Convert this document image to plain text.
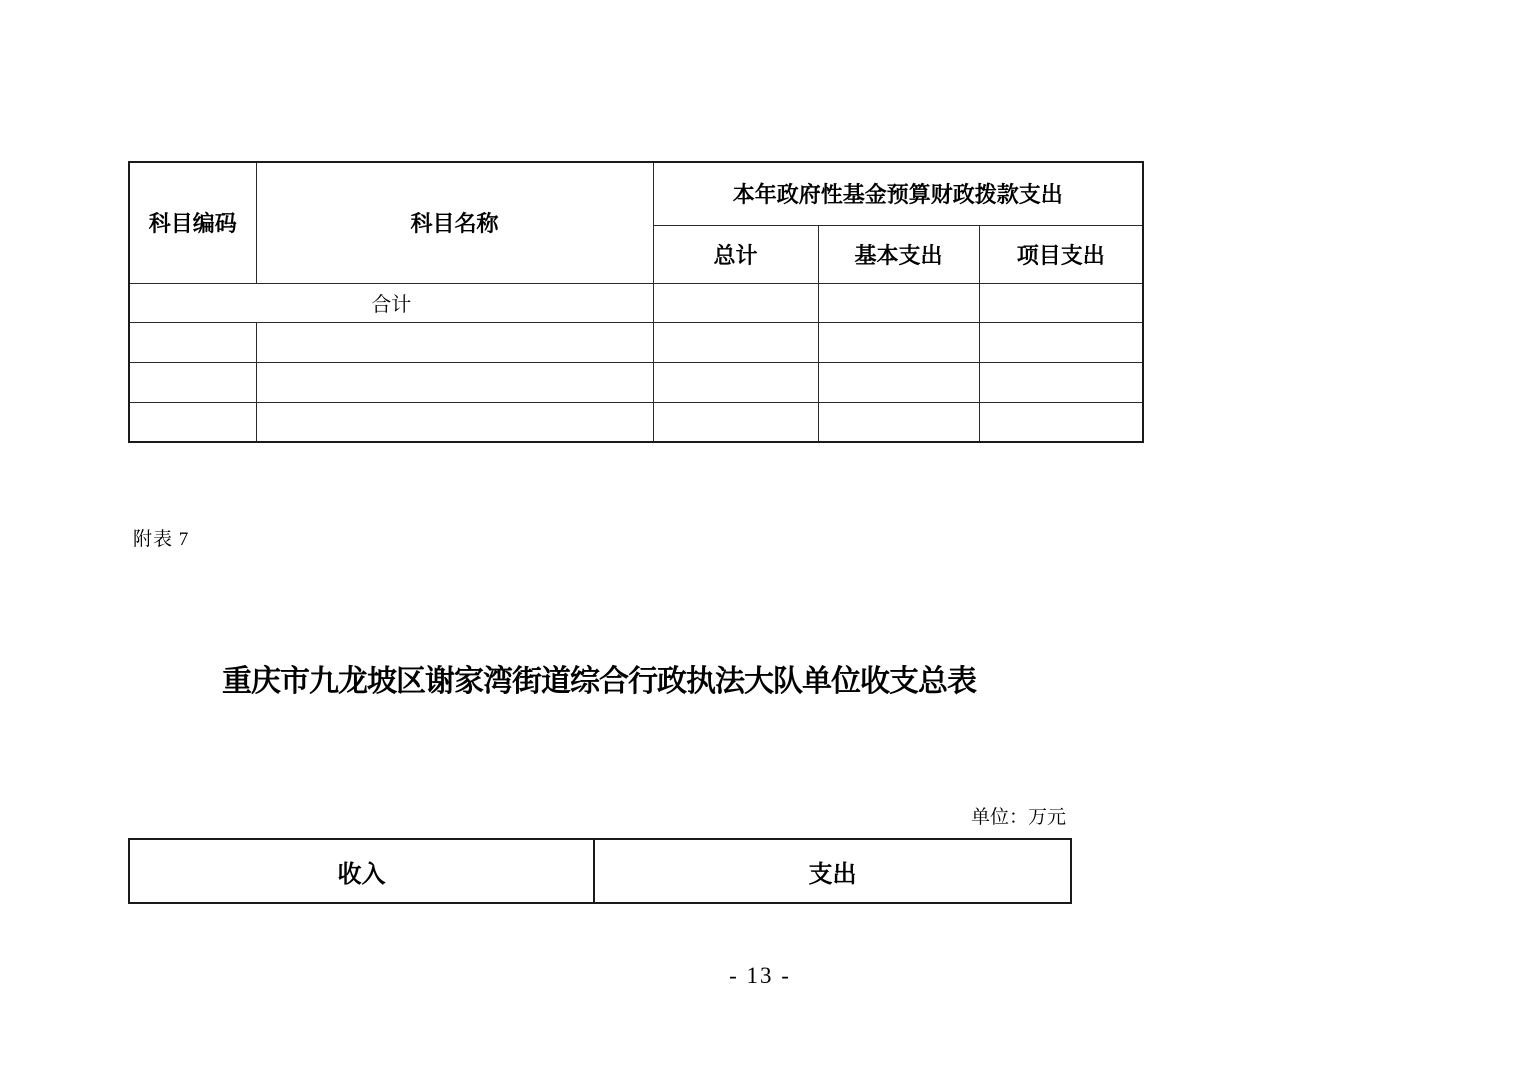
科目编码	科目名称	本年政府性基金预算财政拨款支出		
		总计	基本支出	项目支出
合计				

附表 7
重庆市九龙坡区谢家湾街道综合行政执法大队单位收支总表
单位：万元
收入	支出
- 13 -
